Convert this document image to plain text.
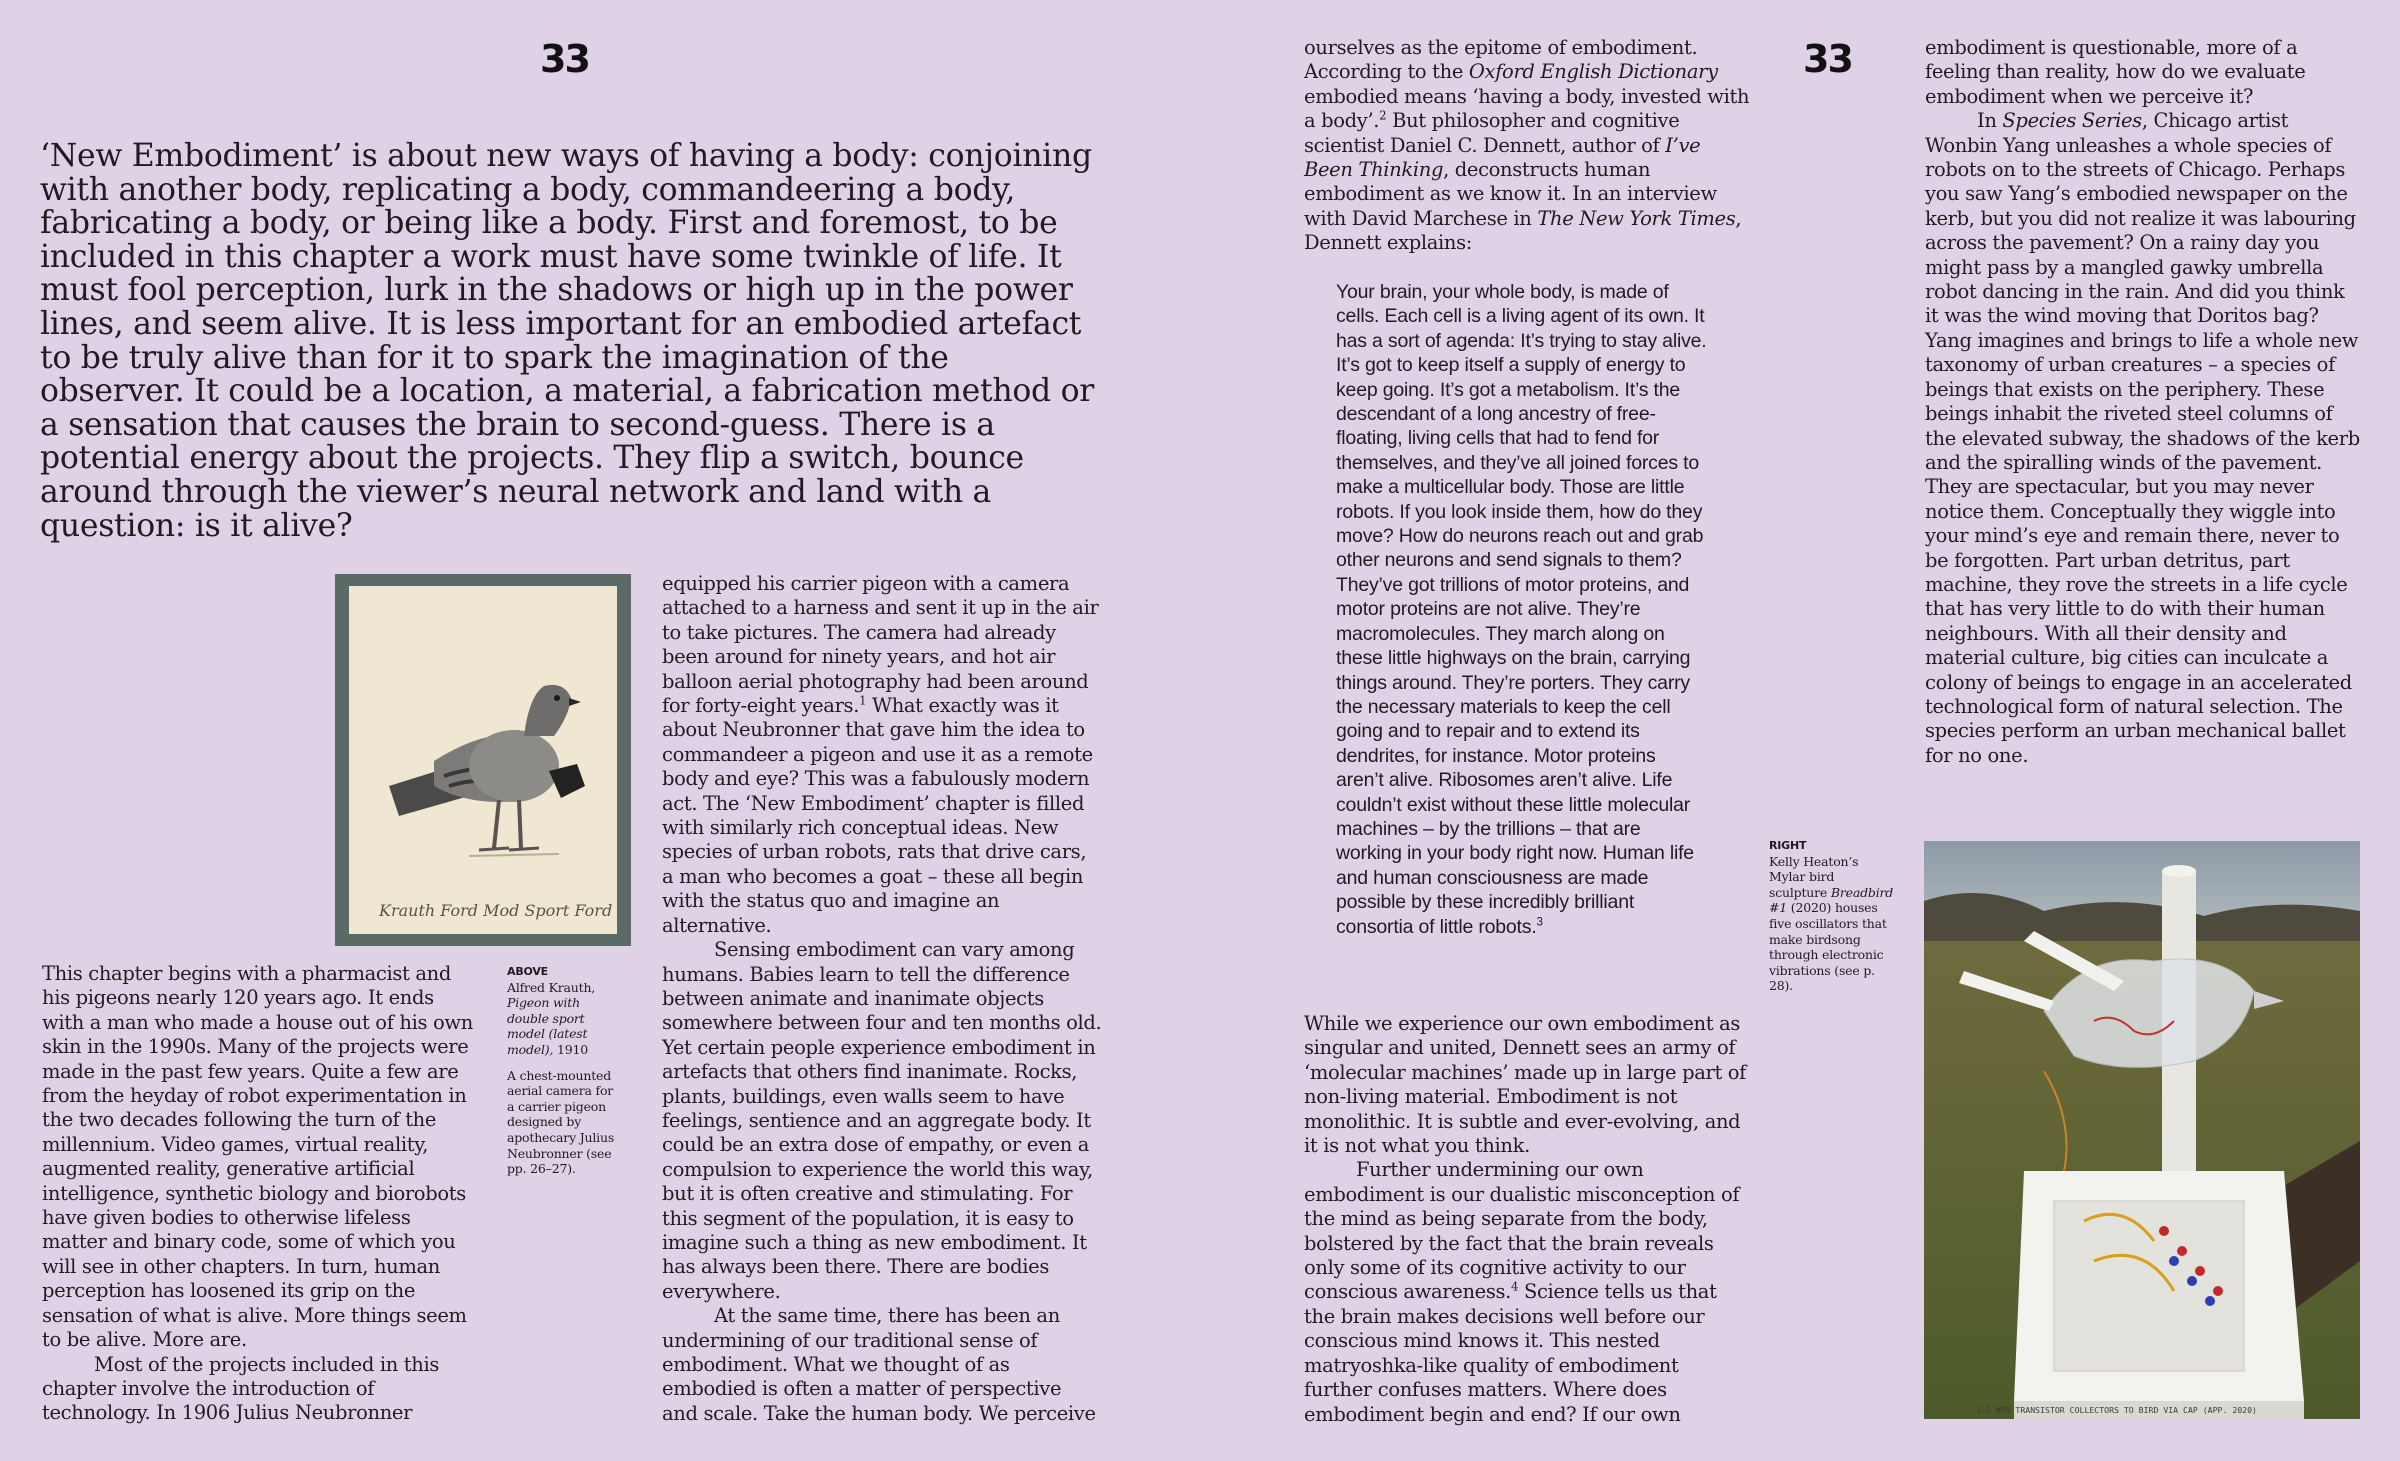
33	33

‘New Embodiment’ is about new ways of having a body: conjoining with another body, replicating a body, commandeering a body, fabricating a body, or being like a body. First and foremost, to be included in this chapter a work must have some twinkle of life. It must fool perception, lurk in the shadows or high up in the power lines, and seem alive. It is less important for an embodied artefact to be truly alive than for it to spark the imagination of the observer. It could be a location, a material, a fabrication method or a sensation that causes the brain to second-guess. There is a potential energy about the projects. They flip a switch, bounce around through the viewer’s neural network and land with a question: is it alive?

Krauth Ford Mod Sport Ford
ABOVE

Alfred Krauth, Pigeon with double sport model (latest model), 1910

A chest-mounted aerial camera for a carrier pigeon designed by apothecary Julius Neubronner (see pp. 26–27).

This chapter begins with a pharmacist and his pigeons nearly 120 years ago. It ends with a man who made a house out of his own skin in the 1990s. Many of the projects were made in the past few years. Quite a few are from the heyday of robot experimentation in the two decades following the turn of the millennium. Video games, virtual reality, augmented reality, generative artificial intelligence, synthetic biology and biorobots have given bodies to otherwise lifeless matter and binary code, some of which you will see in other chapters. In turn, human perception has loosened its grip on the sensation of what is alive. More things seem to be alive. More are.

Most of the projects included in this chapter involve the introduction of technology. In 1906 Julius Neubronner

equipped his carrier pigeon with a camera attached to a harness and sent it up in the air to take pictures. The camera had already been around for ninety years, and hot air balloon aerial photography had been around for forty-eight years.$^1$ What exactly was it about Neubronner that gave him the idea to commandeer a pigeon and use it as a remote body and eye? This was a fabulously modern act. The ‘New Embodiment’ chapter is filled with similarly rich conceptual ideas. New species of urban robots, rats that drive cars, a man who becomes a goat – these all begin with the status quo and imagine an alternative.

Sensing embodiment can vary among humans. Babies learn to tell the difference between animate and inanimate objects somewhere between four and ten months old. Yet certain people experience embodiment in artefacts that others find inanimate. Rocks, plants, buildings, even walls seem to have feelings, sentience and an aggregate body. It could be an extra dose of empathy, or even a compulsion to experience the world this way, but it is often creative and stimulating. For this segment of the population, it is easy to imagine such a thing as new embodiment. It has always been there. There are bodies everywhere.

At the same time, there has been an undermining of our traditional sense of embodiment. What we thought of as embodied is often a matter of perspective and scale. Take the human body. We perceive

ourselves as the epitome of embodiment. According to the Oxford English Dictionary embodied means ‘having a body, invested with a body’.$^2$ But philosopher and cognitive scientist Daniel C. Dennett, author of I’ve Been Thinking, deconstructs human embodiment as we know it. In an interview with David Marchese in The New York Times, Dennett explains:

Your brain, your whole body, is made of cells. Each cell is a living agent of its own. It has a sort of agenda: It’s trying to stay alive. It’s got to keep itself a supply of energy to keep going. It’s got a metabolism. It’s the descendant of a long ancestry of free-floating, living cells that had to fend for themselves, and they’ve all joined forces to make a multicellular body. Those are little robots. If you look inside them, how do they move? How do neurons reach out and grab other neurons and send signals to them? They’ve got trillions of motor proteins, and motor proteins are not alive. They’re macromolecules. They march along on these little highways on the brain, carrying things around. They’re porters. They carry the necessary materials to keep the cell going and to repair and to extend its dendrites, for instance. Motor proteins aren’t alive. Ribosomes aren’t alive. Life couldn’t exist without these little molecular machines – by the trillions – that are working in your body right now. Human life and human consciousness are made possible by these incredibly brilliant consortia of little robots.$^3$

While we experience our own embodiment as singular and united, Dennett sees an army of ‘molecular machines’ made up in large part of non-living material. Embodiment is not monolithic. It is subtle and ever-evolving, and it is not what you think.

Further undermining our own embodiment is our dualistic misconception of the mind as being separate from the body, bolstered by the fact that the brain reveals only some of its cognitive activity to our conscious awareness.$^4$ Science tells us that the brain makes decisions well before our conscious mind knows it. This nested matryoshka-like quality of embodiment further confuses matters. Where does embodiment begin and end? If our own

embodiment is questionable, more of a feeling than reality, how do we evaluate embodiment when we perceive it?

In Species Series, Chicago artist Wonbin Yang unleashes a whole species of robots on to the streets of Chicago. Perhaps you saw Yang’s embodied newspaper on the kerb, but you did not realize it was labouring across the pavement? On a rainy day you might pass by a mangled gawky umbrella robot dancing in the rain. And did you think it was the wind moving that Doritos bag? Yang imagines and brings to life a whole new taxonomy of urban creatures – a species of beings that exists on the periphery. These beings inhabit the riveted steel columns of the elevated subway, the shadows of the kerb and the spiralling winds of the pavement. They are spectacular, but you may never notice them. Conceptually they wiggle into your mind’s eye and remain there, never to be forgotten. Part urban detritus, part machine, they rove the streets in a life cycle that has very little to do with their human neighbours. With all their density and material culture, big cities can inculcate a colony of beings to engage in an accelerated technological form of natural selection. The species perform an urban mechanical ballet for no one.

RIGHT

Kelly Heaton’s Mylar bird sculpture Breadbird #1 (2020) houses five oscillators that make birdsong through electronic vibrations (see p. 28).

1–5 NPN TRANSISTOR COLLECTORS TO BIRD VIA CAP (APP. 2020)
